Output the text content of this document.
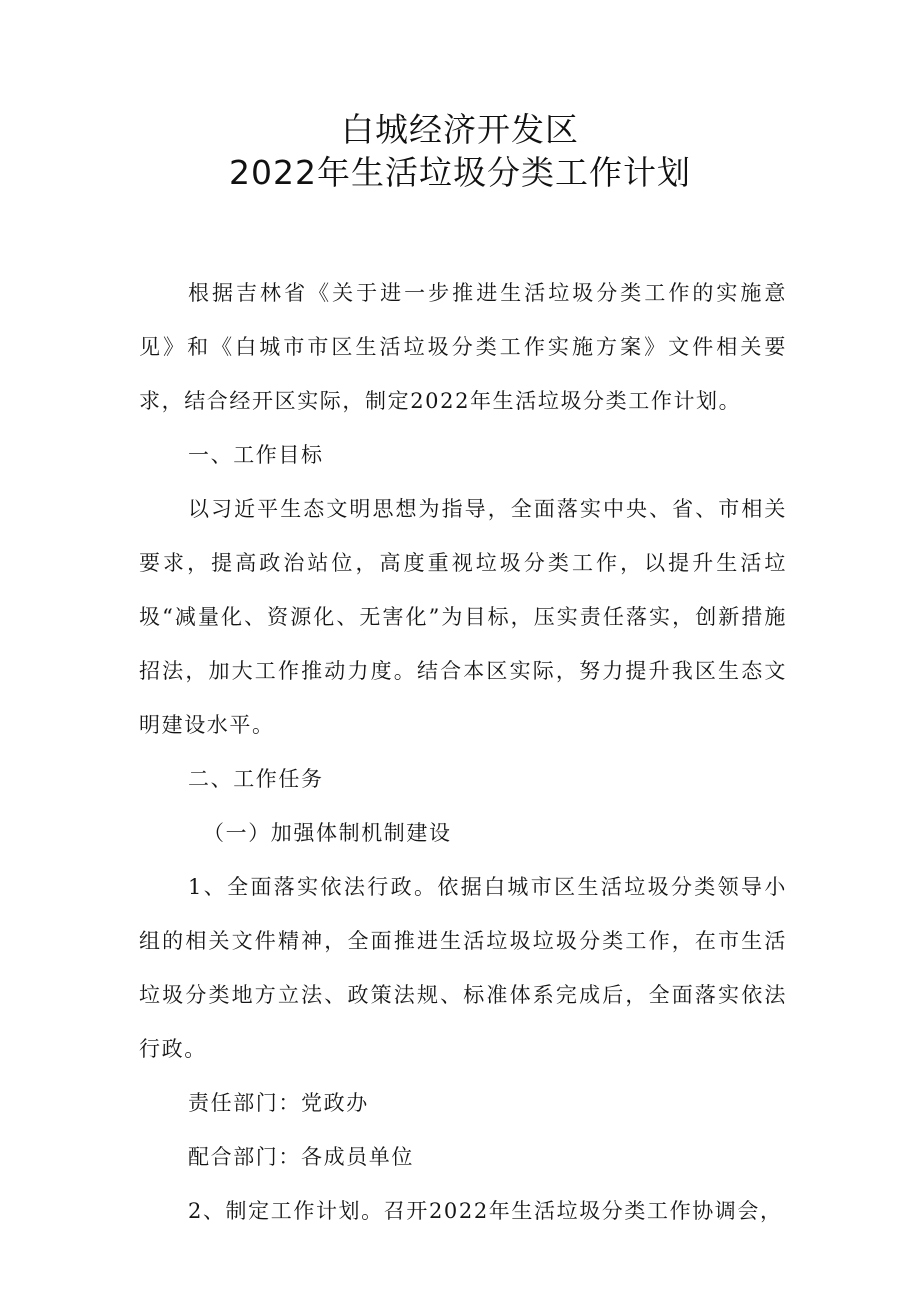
白城经济开发区
2022年生活垃圾分类工作计划

根据吉林省《关于进一步推进生活垃圾分类工作的实施意见》和《白城市市区生活垃圾分类工作实施方案》文件相关要求，结合经开区实际，制定2022年生活垃圾分类工作计划。

一、工作目标

以习近平生态文明思想为指导，全面落实中央、省、市相关要求，提高政治站位，高度重视垃圾分类工作，以提升生活垃圾“减量化、资源化、无害化”为目标，压实责任落实，创新措施招法，加大工作推动力度。结合本区实际，努力提升我区生态文明建设水平。

二、工作任务

（一）加强体制机制建设

1、全面落实依法行政。依据白城市区生活垃圾分类领导小组的相关文件精神，全面推进生活垃圾垃圾分类工作，在市生活垃圾分类地方立法、政策法规、标准体系完成后，全面落实依法行政。

责任部门：党政办

配合部门：各成员单位

2、制定工作计划。召开2022年生活垃圾分类工作协调会，
